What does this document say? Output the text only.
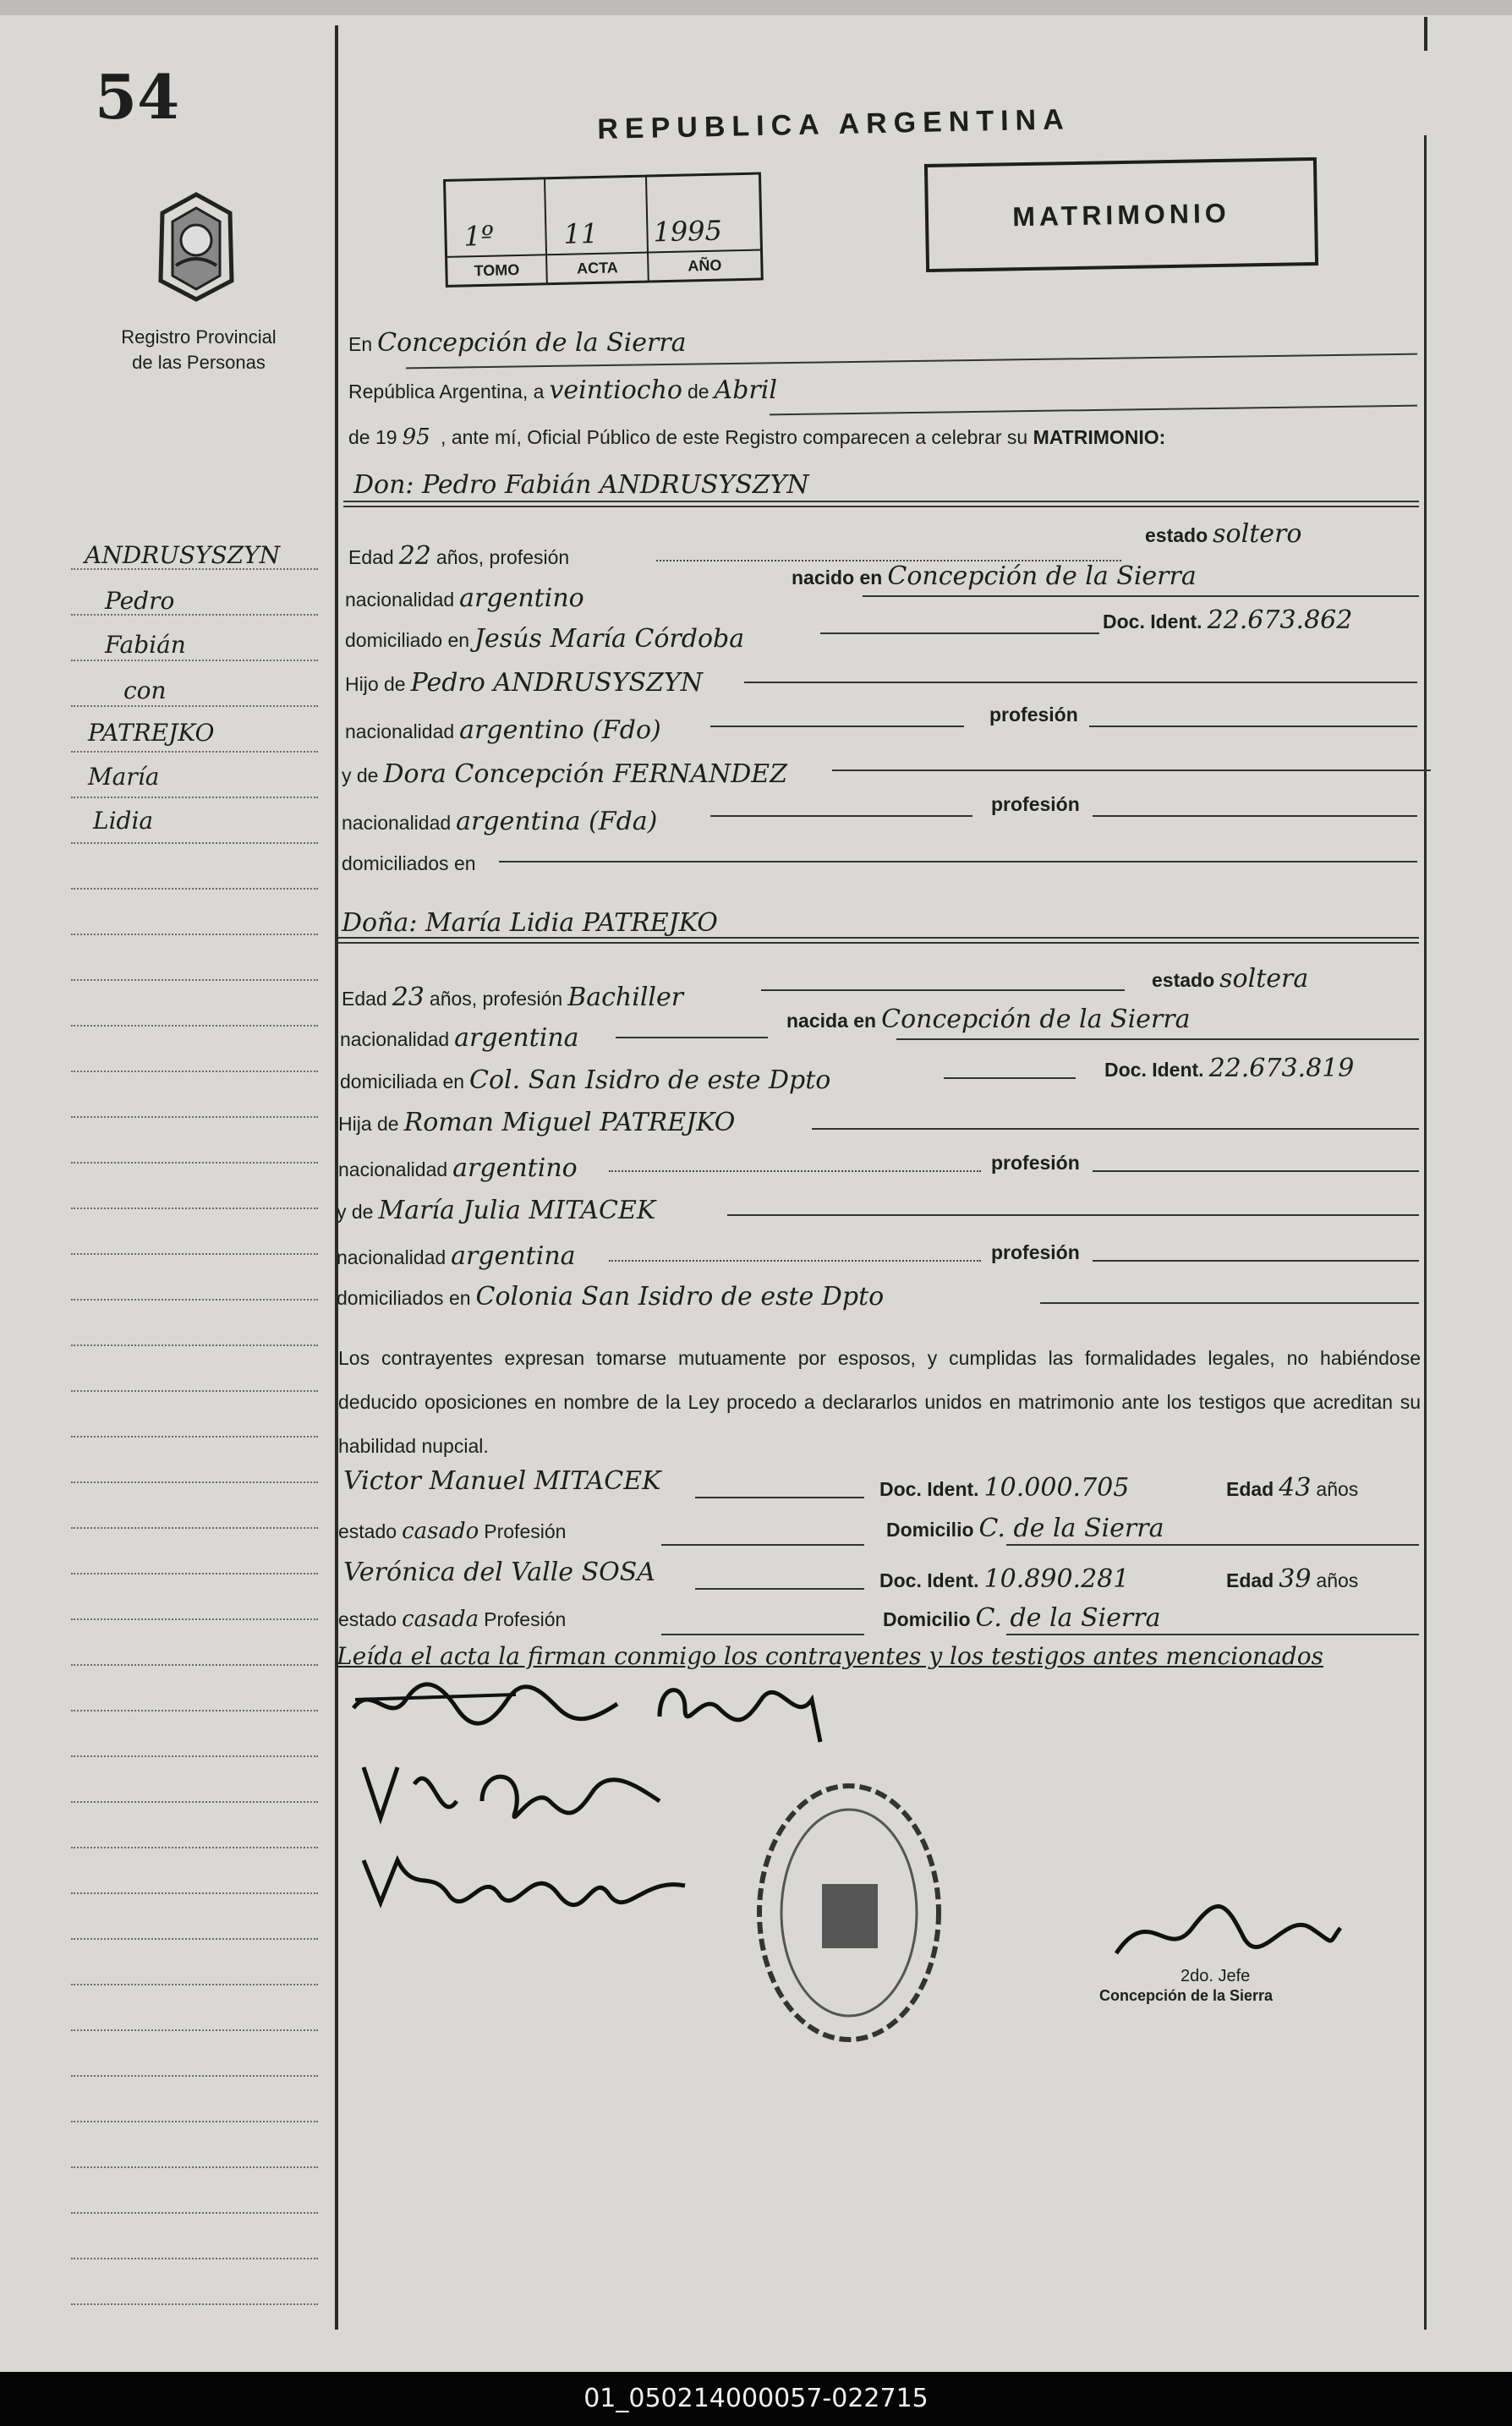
54
Registro Provincial
de las Personas
ANDRUSYSZYN
Pedro
Fabián
con
PATREJKO
María
Lidia
REPUBLICA ARGENTINA
MATRIMONIO
1º
TOMO
11
ACTA
1995
AÑO
En Concepción de la Sierra
República Argentina, a veintiocho de Abril
de 19 95 , ante mí, Oficial Público de este Registro comparecen a celebrar su MATRIMONIO:
Don: Pedro Fabián ANDRUSYSZYN
Edad 22 años, profesión
estado soltero
nacionalidad argentino
nacido en Concepción de la Sierra
domiciliado en Jesús María Córdoba
Doc. Ident. 22.673.862
Hijo de Pedro ANDRUSYSZYN
nacionalidad argentino (Fdo)
profesión
y de Dora Concepción FERNANDEZ
nacionalidad argentina (Fda)
profesión
domiciliados en
Doña: María Lidia PATREJKO
Edad 23 años, profesión Bachiller
estado soltera
nacionalidad argentina
nacida en Concepción de la Sierra
domiciliada en Col. San Isidro de este Dpto	Doc. Ident. 22.673.819
Hija de Roman Miguel PATREJKO
nacionalidad argentino	profesión
y de María Julia MITACEK
nacionalidad argentina	profesión
domiciliados en Colonia San Isidro de este Dpto
Los contrayentes expresan tomarse mutuamente por esposos, y cumplidas las formalidades legales, no habiéndose deducido oposiciones en nombre de la Ley procedo a declararlos unidos en matrimonio ante los testigos que acreditan su habilidad nupcial.
Victor Manuel MITACEK	Doc. Ident. 10.000.705	Edad 43 años
estado casado Profesión	Domicilio C. de la Sierra
Verónica del Valle SOSA	Doc. Ident. 10.890.281	Edad 39 años
estado casada Profesión	Domicilio C. de la Sierra
Leída el acta la firman conmigo los contrayentes y los testigos antes mencionados
2do. Jefe
Concepción de la Sierra
01_050214000057-022715
